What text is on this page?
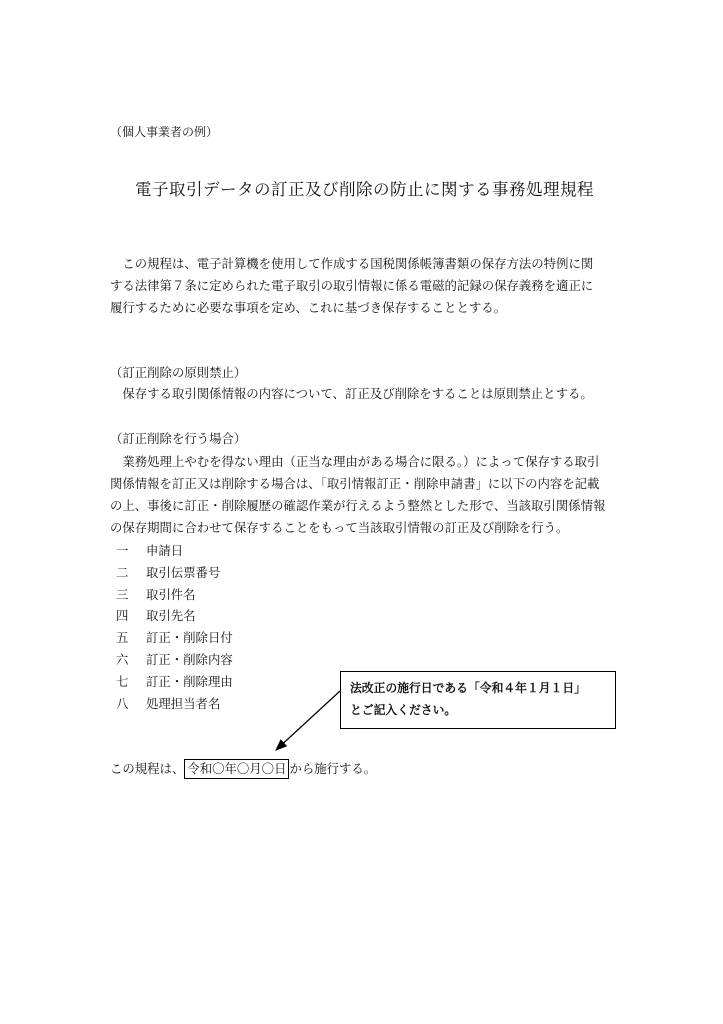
（個人事業者の例）
電子取引データの訂正及び削除の防止に関する事務処理規程
　この規程は、電子計算機を使用して作成する国税関係帳簿書類の保存方法の特例に関
する法律第７条に定められた電子取引の取引情報に係る電磁的記録の保存義務を適正に
履行するために必要な事項を定め、これに基づき保存することとする。
（訂正削除の原則禁止）
　保存する取引関係情報の内容について、訂正及び削除をすることは原則禁止とする。
（訂正削除を行う場合）
　業務処理上やむを得ない理由（正当な理由がある場合に限る。）によって保存する取引
関係情報を訂正又は削除する場合は、「取引情報訂正・削除申請書」に以下の内容を記載
の上、事後に訂正・削除履歴の確認作業が行えるよう整然とした形で、当該取引関係情報
の保存期間に合わせて保存することをもって当該取引情報の訂正及び削除を行う。
一 申請日
二 取引伝票番号
三 取引件名
四 取引先名
五 訂正・削除日付
六 訂正・削除内容
七 訂正・削除理由
八 処理担当者名
法改正の施行日である「令和４年１月１日」
とご記入ください。
この規程は、 令和〇年〇月〇日 から施行する。
